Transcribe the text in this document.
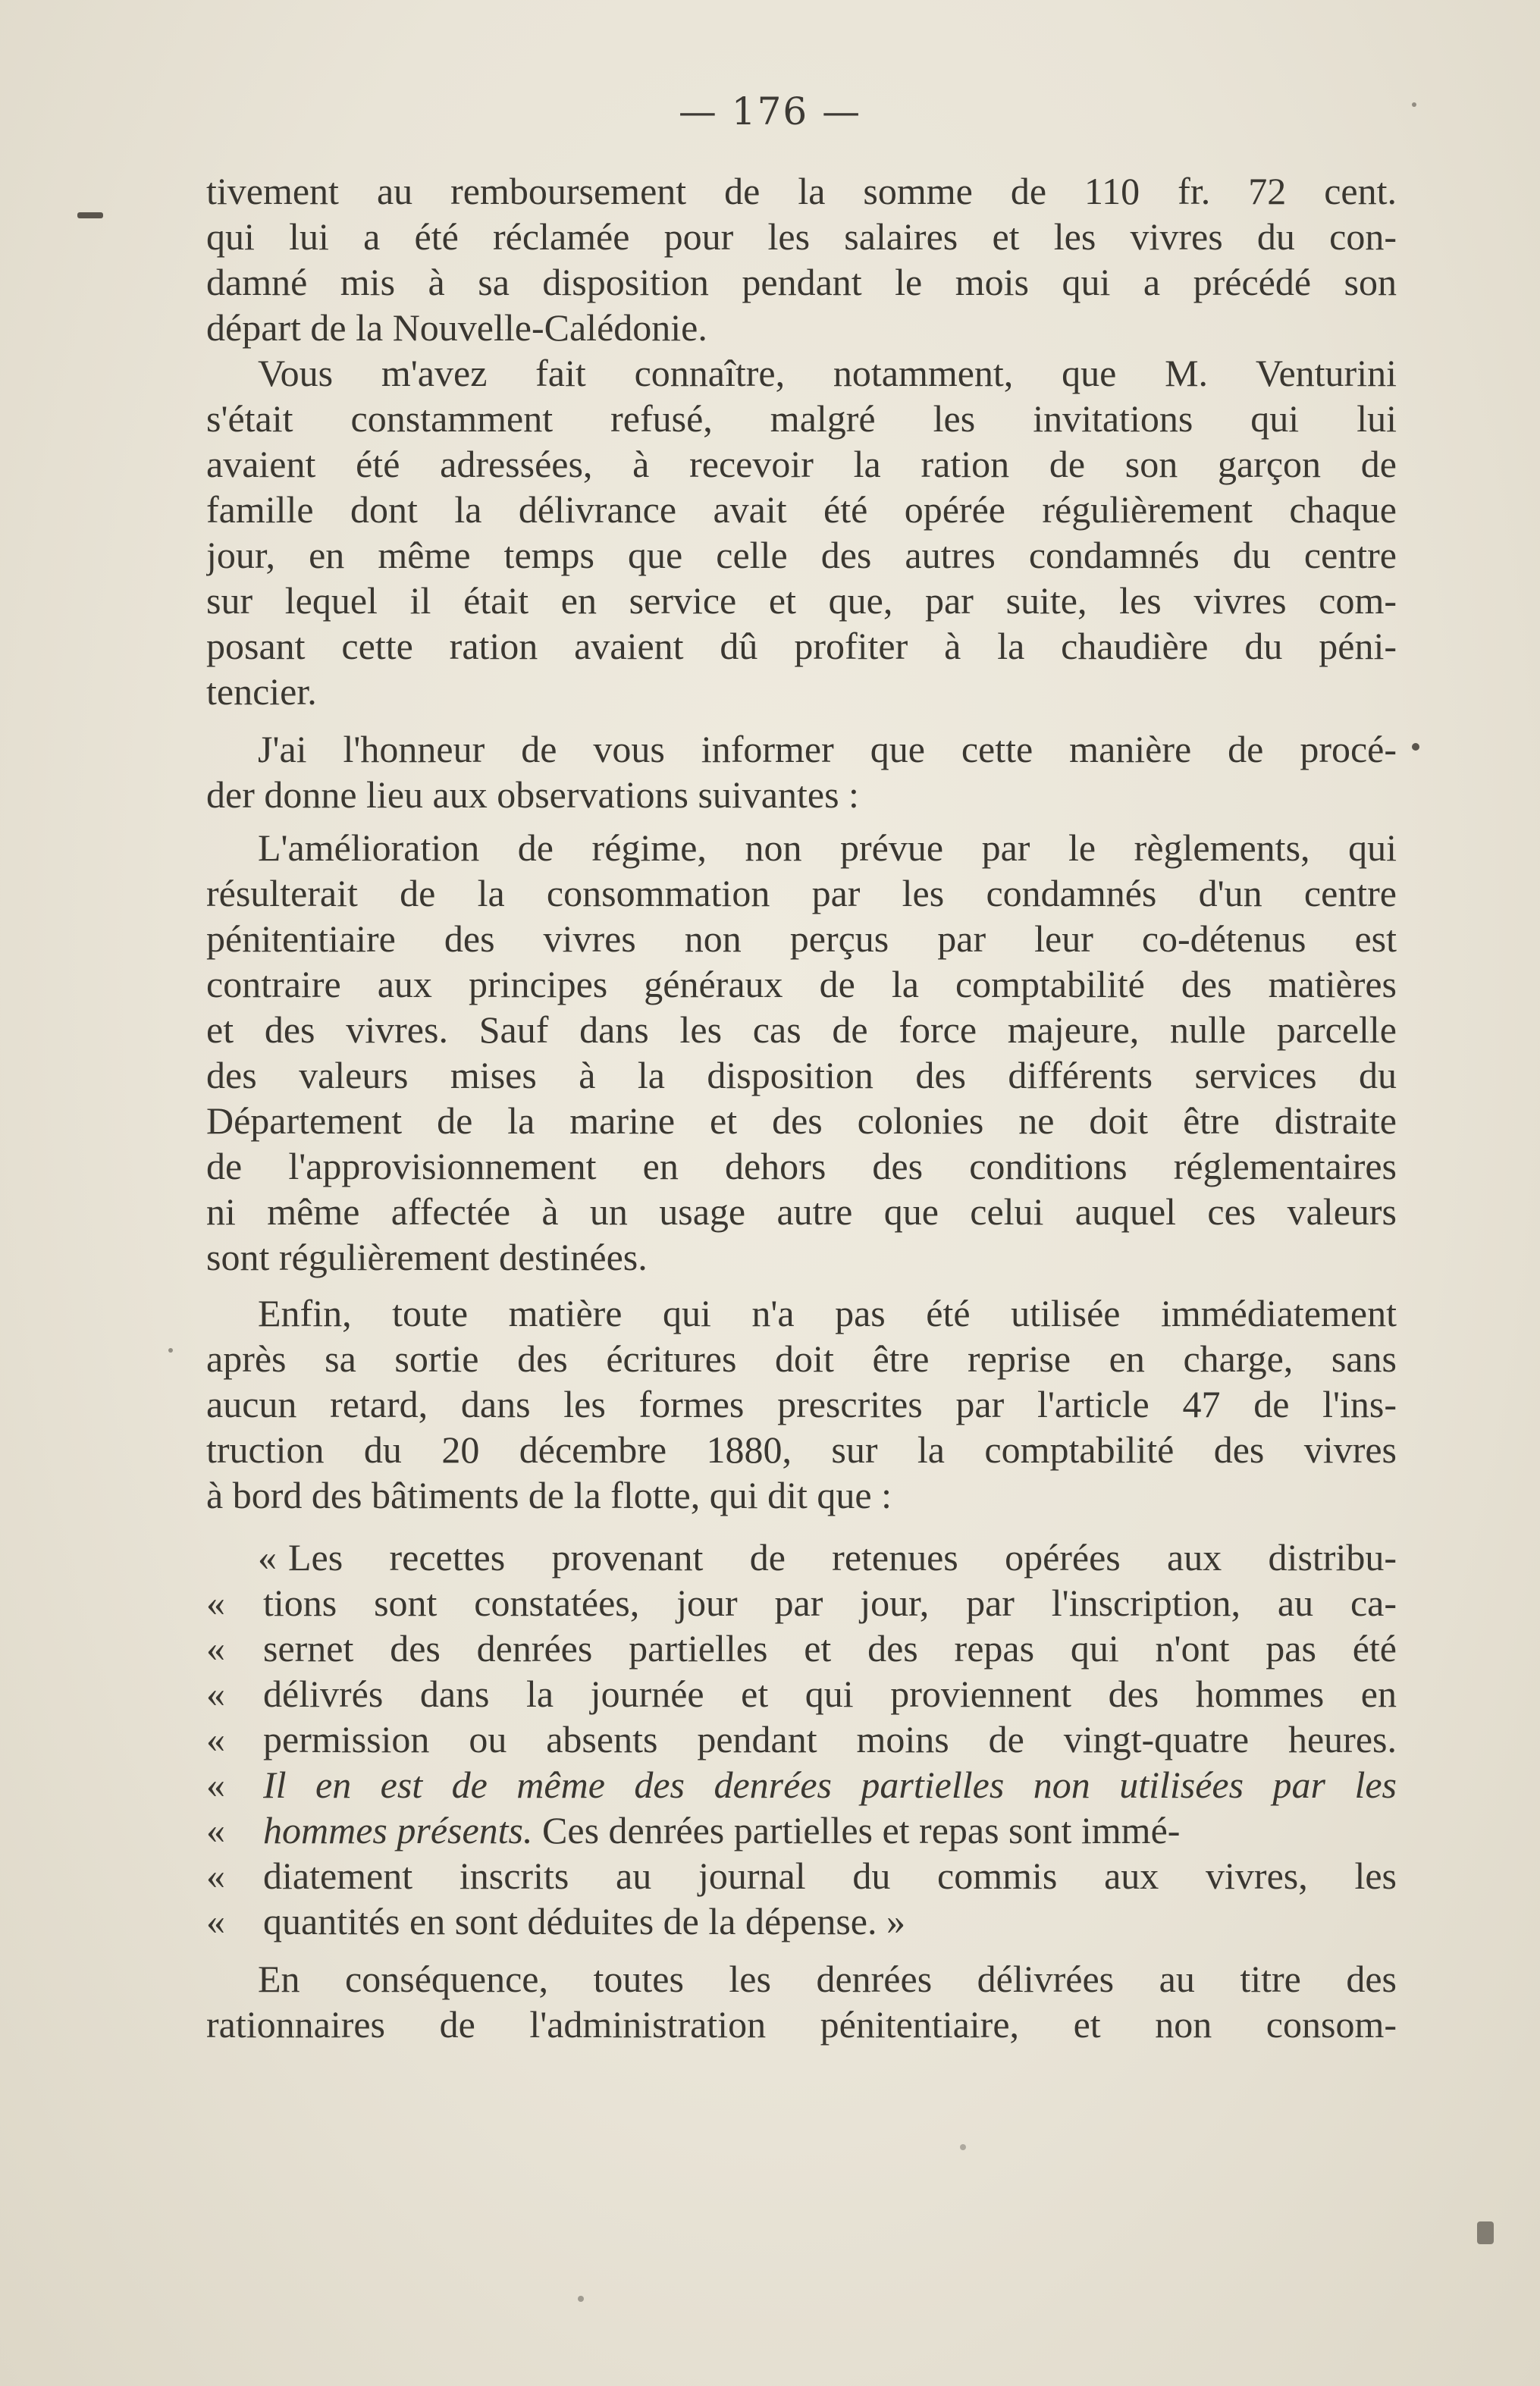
— 176 —
tivement au remboursement de la somme de 110 fr. 72 cent.
qui lui a été réclamée pour les salaires et les vivres du con-
damné mis à sa disposition pendant le mois qui a précédé son
départ de la Nouvelle-Calédonie.
Vous m'avez fait connaître, notamment, que M. Venturini
s'était constamment refusé, malgré les invitations qui lui
avaient été adressées, à recevoir la ration de son garçon de
famille dont la délivrance avait été opérée régulièrement chaque
jour, en même temps que celle des autres condamnés du centre
sur lequel il était en service et que, par suite, les vivres com-
posant cette ration avaient dû profiter à la chaudière du péni-
tencier.
J'ai l'honneur de vous informer que cette manière de procé-
der donne lieu aux observations suivantes :
L'amélioration de régime, non prévue par le règlements, qui
résulterait de la consommation par les condamnés d'un centre
pénitentiaire des vivres non perçus par leur co-détenus est
contraire aux principes généraux de la comptabilité des matières
et des vivres. Sauf dans les cas de force majeure, nulle parcelle
des valeurs mises à la disposition des différents services du
Département de la marine et des colonies ne doit être distraite
de l'approvisionnement en dehors des conditions réglementaires
ni même affectée à un usage autre que celui auquel ces valeurs
sont régulièrement destinées.
Enfin, toute matière qui n'a pas été utilisée immédiatement
après sa sortie des écritures doit être reprise en charge, sans
aucun retard, dans les formes prescrites par l'article 47 de l'ins-
truction du 20 décembre 1880, sur la comptabilité des vivres
à bord des bâtiments de la flotte, qui dit que :
« Les recettes provenant de retenues opérées aux distribu-
«	tions sont constatées, jour par jour, par l'inscription, au ca-
«	sernet des denrées partielles et des repas qui n'ont pas été
«	délivrés dans la journée et qui proviennent des hommes en
«	permission ou absents pendant moins de vingt-quatre heures.
«	Il en est de même des denrées partielles non utilisées par les
«	hommes présents. Ces denrées partielles et repas sont immé-
«	diatement inscrits au journal du commis aux vivres, les
«	quantités en sont déduites de la dépense. »
En conséquence, toutes les denrées délivrées au titre des
rationnaires de l'administration pénitentiaire, et non consom-
